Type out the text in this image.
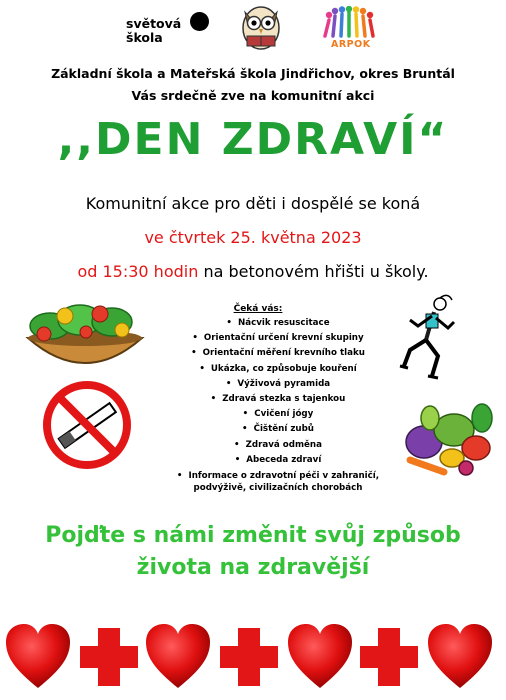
světová
škola	ARPOK
Základní škola a Mateřská škola Jindřichov, okres Bruntál
Vás srdečně zve na komunitní akci
,,DEN ZDRAVÍ“
Komunitní akce pro děti i dospělé se koná
ve čtvrtek 25. května 2023
od 15:30 hodin na betonovém hřišti u školy.
Čeká vás:
• Nácvik resuscitace
• Orientační určení krevní skupiny
• Orientační měření krevního tlaku
• Ukázka, co způsobuje kouření
• Výživová pyramida
• Zdravá stezka s tajenkou
• Cvičení jógy
• Čištění zubů
• Zdravá odměna
• Abeceda zdraví
• Informace o zdravotní péči v zahraničí, podvýživě, civilizačních chorobách
Pojďte s námi změnit svůj způsob
života na zdravější
